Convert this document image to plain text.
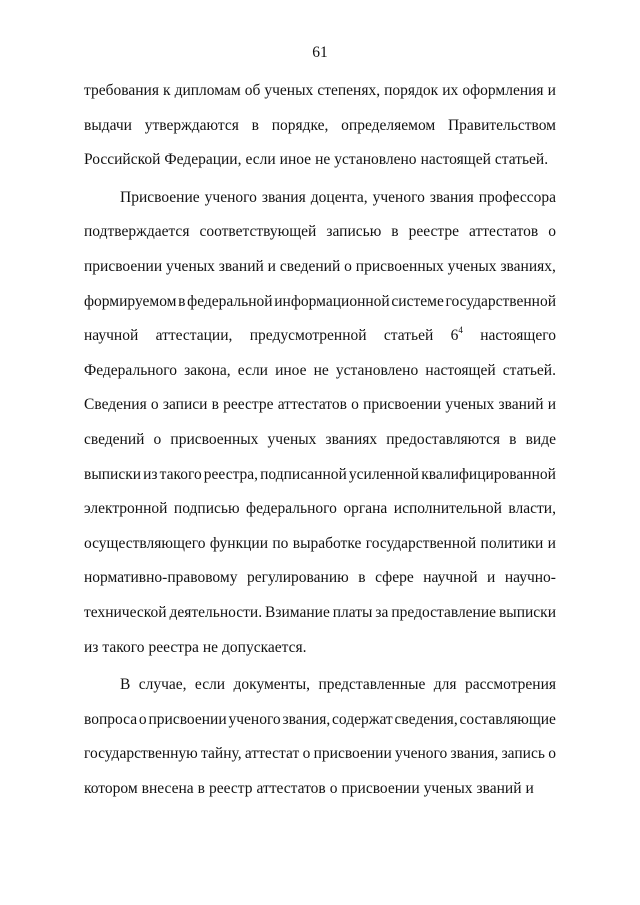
61
требования к дипломам об ученых степенях, порядок их оформления и
выдачи утверждаются в порядке, определяемом Правительством
Российской Федерации, если иное не установлено настоящей статьей.
Присвоение ученого звания доцента, ученого звания профессора
подтверждается соответствующей записью в реестре аттестатов о
присвоении ученых званий и сведений о присвоенных ученых званиях,
формируемом в федеральной информационной системе государственной
научной аттестации, предусмотренной статьей $6^4$ настоящего
Федерального закона, если иное не установлено настоящей статьей.
Сведения о записи в реестре аттестатов о присвоении ученых званий и
сведений о присвоенных ученых званиях предоставляются в виде
выписки из такого реестра, подписанной усиленной квалифицированной
электронной подписью федерального органа исполнительной власти,
осуществляющего функции по выработке государственной политики и
нормативно-правовому регулированию в сфере научной и научно-
технической деятельности. Взимание платы за предоставление выписки
из такого реестра не допускается.
В случае, если документы, представленные для рассмотрения
вопроса о присвоении ученого звания, содержат сведения, составляющие
государственную тайну, аттестат о присвоении ученого звания, запись о
котором внесена в реестр аттестатов о присвоении ученых званий и
